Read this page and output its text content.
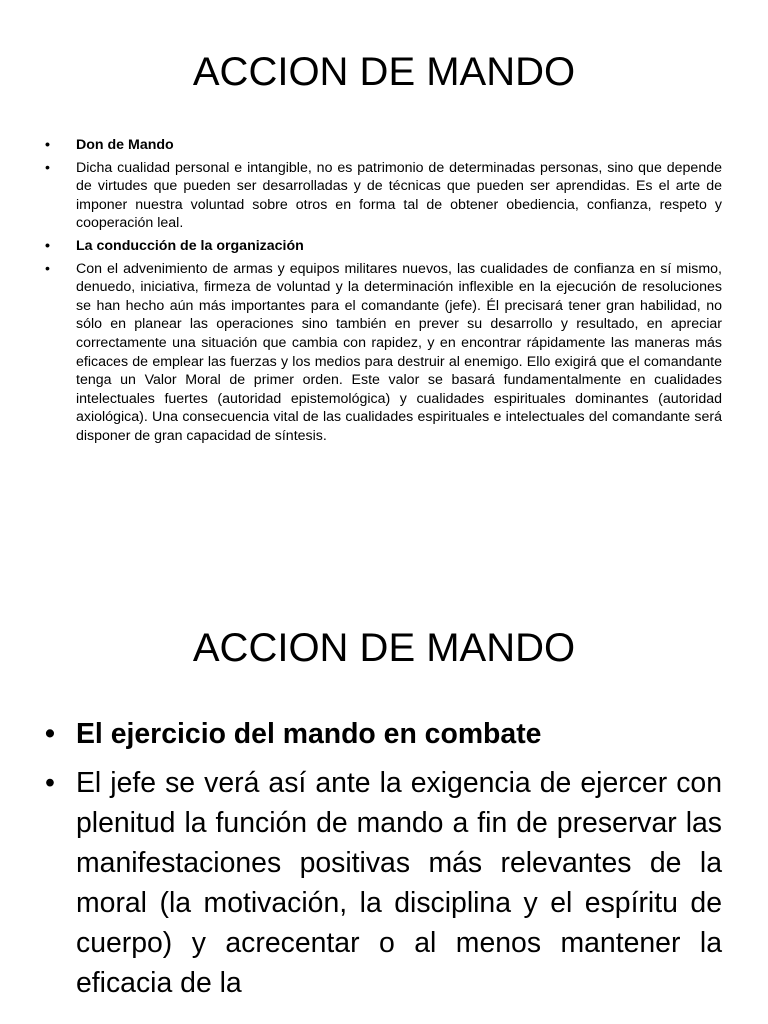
ACCION DE MANDO
• Don de Mando
• Dicha cualidad personal e intangible, no es patrimonio de determinadas personas, sino que depende de virtudes que pueden ser desarrolladas y de técnicas que pueden ser aprendidas. Es el arte de imponer nuestra voluntad sobre otros en forma tal de obtener obediencia, confianza, respeto y cooperación leal.
• La conducción de la organización
• Con el advenimiento de armas y equipos militares nuevos, las cualidades de confianza en sí mismo, denuedo, iniciativa, firmeza de voluntad y la determinación inflexible en la ejecución de resoluciones se han hecho aún más importantes para el comandante (jefe). Él precisará tener gran habilidad, no sólo en planear las operaciones sino también en prever su desarrollo y resultado, en apreciar correctamente una situación que cambia con rapidez, y en encontrar rápidamente las maneras más eficaces de emplear las fuerzas y los medios para destruir al enemigo. Ello exigirá que el comandante tenga un Valor Moral de primer orden. Este valor se basará fundamentalmente en cualidades intelectuales fuertes (autoridad epistemológica) y cualidades espirituales dominantes (autoridad axiológica). Una consecuencia vital de las cualidades espirituales e intelectuales del comandante será disponer de gran capacidad de síntesis.
ACCION DE MANDO
• El ejercicio del mando en combate
• El jefe se verá así ante la exigencia de ejercer con plenitud la función de mando a fin de preservar las manifestaciones positivas más relevantes de la moral (la motivación, la disciplina y el espíritu de cuerpo) y acrecentar o al menos mantener la eficacia de la
